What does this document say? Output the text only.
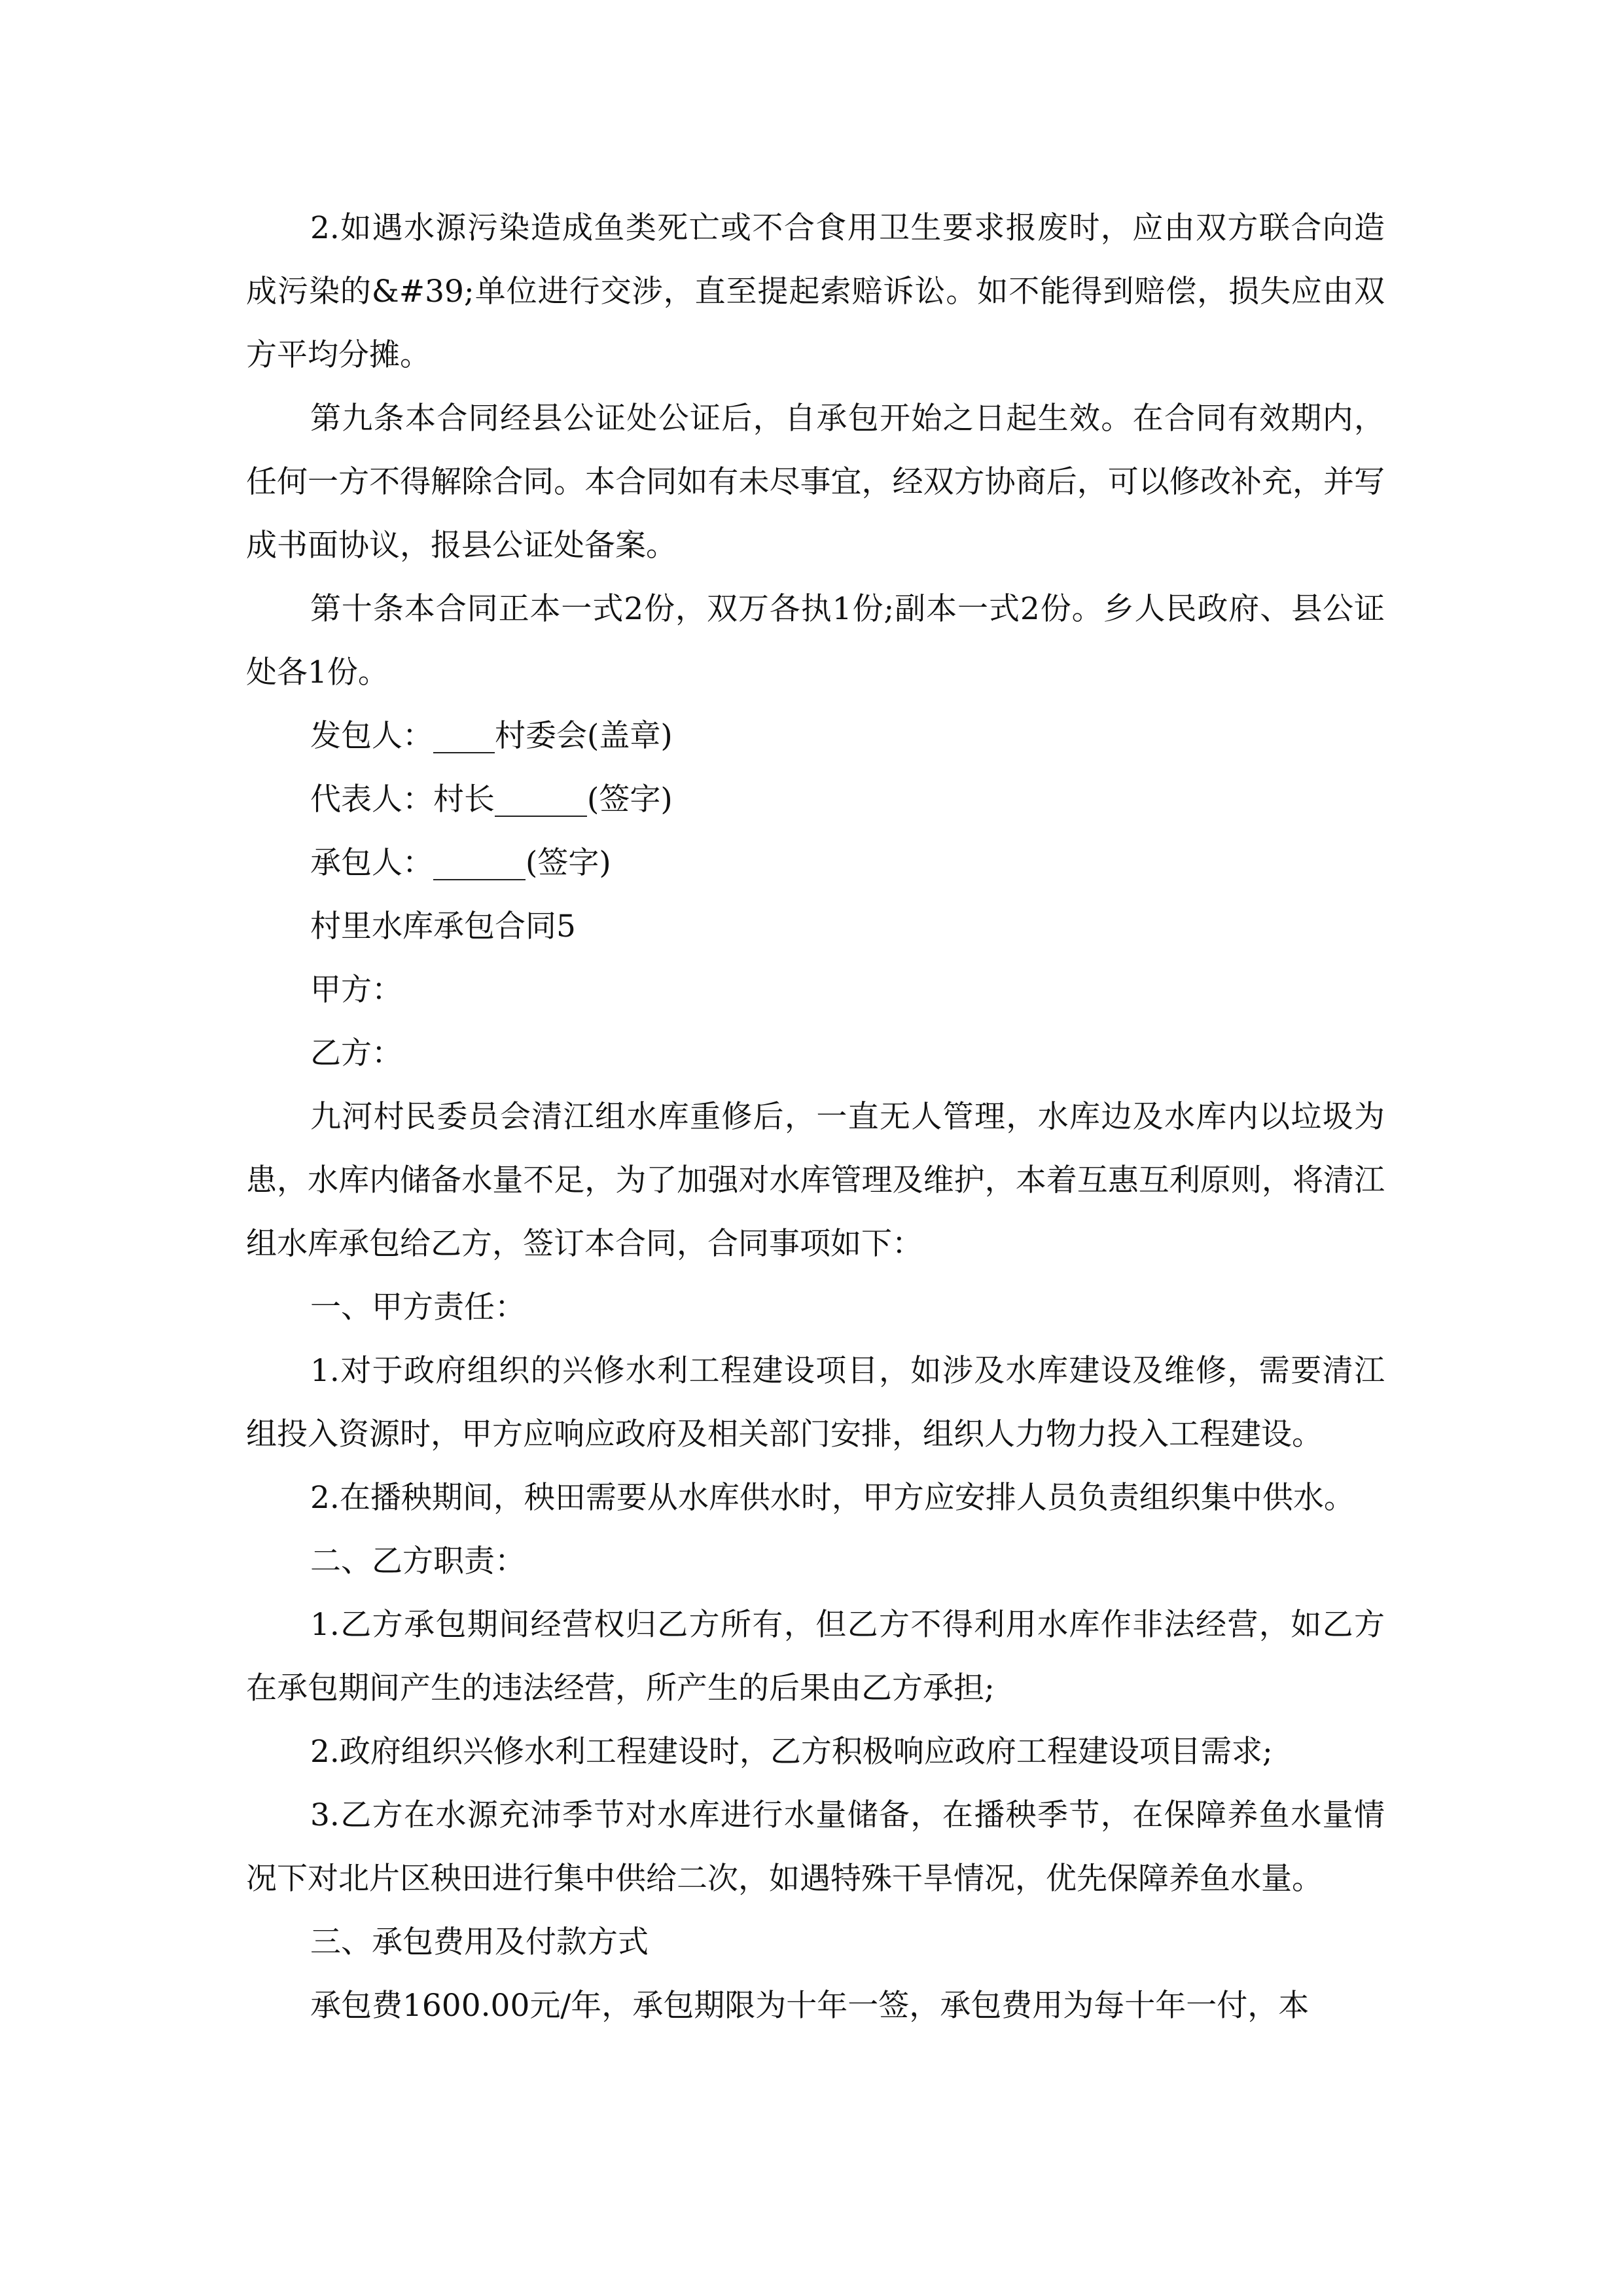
2.如遇水源污染造成鱼类死亡或不合食用卫生要求报废时，应由双方联合向造成污染的&#39;单位进行交涉，直至提起索赔诉讼。如不能得到赔偿，损失应由双方平均分摊。

第九条本合同经县公证处公证后，自承包开始之日起生效。在合同有效期内，任何一方不得解除合同。本合同如有未尽事宜，经双方协商后，可以修改补充，并写成书面协议，报县公证处备案。

第十条本合同正本一式2份，双万各执1份;副本一式2份。乡人民政府、县公证处各1份。

发包人：____村委会(盖章)

代表人：村长______(签字)

承包人：______(签字)

村里水库承包合同5

甲方：

乙方：

九河村民委员会清江组水库重修后，一直无人管理，水库边及水库内以垃圾为患，水库内储备水量不足，为了加强对水库管理及维护，本着互惠互利原则，将清江组水库承包给乙方，签订本合同，合同事项如下：

一、甲方责任：

1.对于政府组织的兴修水利工程建设项目，如涉及水库建设及维修，需要清江组投入资源时，甲方应响应政府及相关部门安排，组织人力物力投入工程建设。

2.在播秧期间，秧田需要从水库供水时，甲方应安排人员负责组织集中供水。

二、乙方职责：

1.乙方承包期间经营权归乙方所有，但乙方不得利用水库作非法经营，如乙方在承包期间产生的违法经营，所产生的后果由乙方承担;

2.政府组织兴修水利工程建设时，乙方积极响应政府工程建设项目需求;

3.乙方在水源充沛季节对水库进行水量储备，在播秧季节，在保障养鱼水量情况下对北片区秧田进行集中供给二次，如遇特殊干旱情况，优先保障养鱼水量。

三、承包费用及付款方式

承包费1600.00元/年，承包期限为十年一签，承包费用为每十年一付，本
